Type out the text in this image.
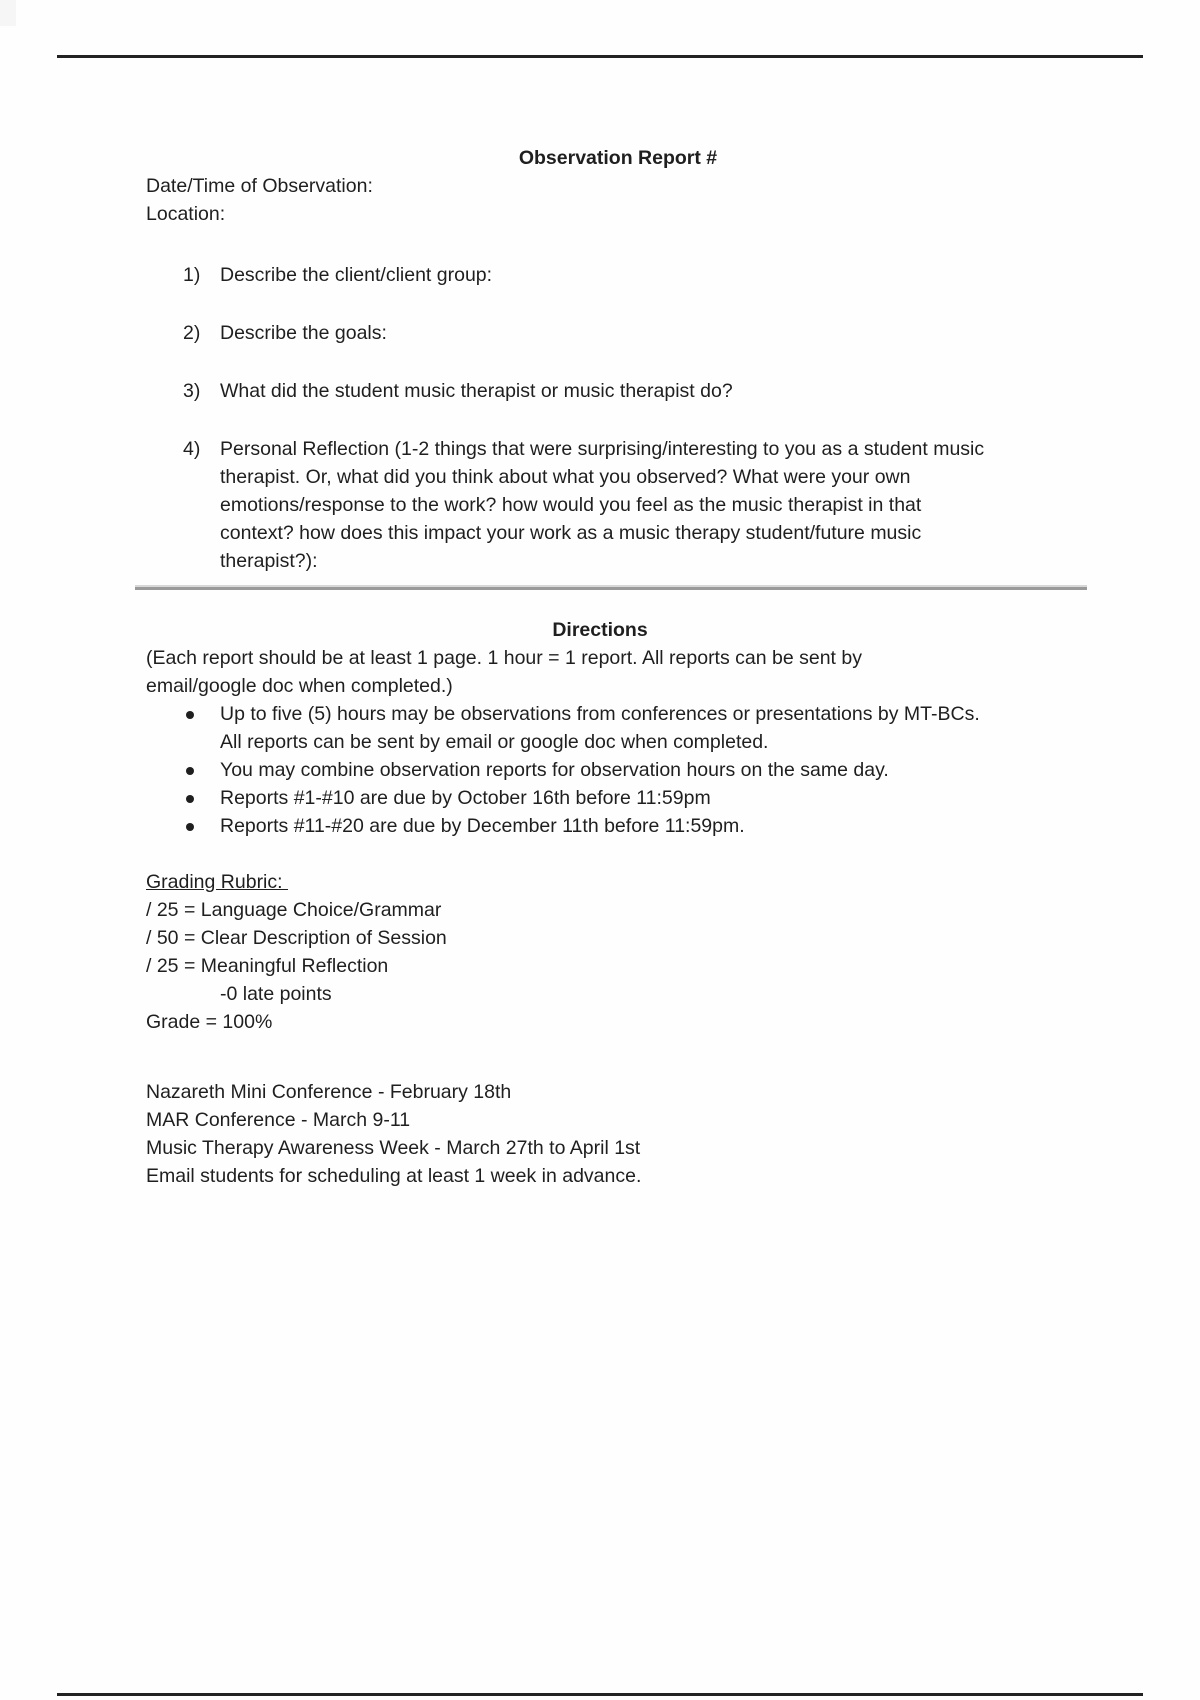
Observation Report #
Date/Time of Observation:
Location:
1) Describe the client/client group:
2) Describe the goals:
3) What did the student music therapist or music therapist do?
4) Personal Reflection (1-2 things that were surprising/interesting to you as a student music
therapist. Or, what did you think about what you observed? What were your own
emotions/response to the work? how would you feel as the music therapist in that
context? how does this impact your work as a music therapy student/future music
therapist?):
Directions
(Each report should be at least 1 page. 1 hour = 1 report. All reports can be sent by
email/google doc when completed.)
Up to five (5) hours may be observations from conferences or presentations by MT-BCs.
All reports can be sent by email or google doc when completed.
You may combine observation reports for observation hours on the same day.
Reports #1-#10 are due by October 16th before 11:59pm
Reports #11-#20 are due by December 11th before 11:59pm.
Grading Rubric:
/ 25 = Language Choice/Grammar
/ 50 = Clear Description of Session
/ 25 = Meaningful Reflection
-0 late points
Grade = 100%
Nazareth Mini Conference - February 18th
MAR Conference - March 9-11
Music Therapy Awareness Week - March 27th to April 1st
Email students for scheduling at least 1 week in advance.
